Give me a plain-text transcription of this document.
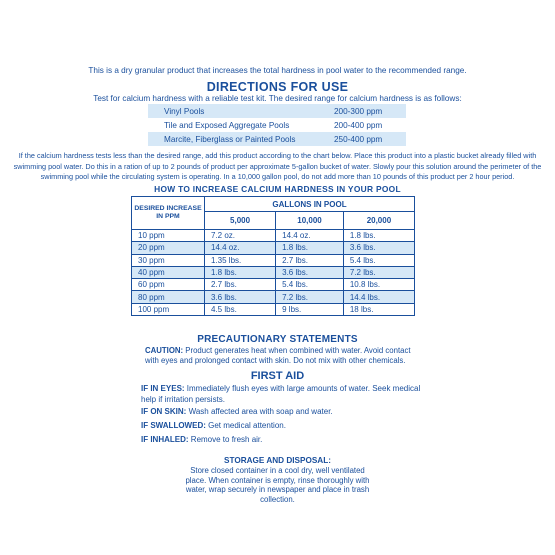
This is a dry granular product that increases the total hardness in pool water to the recommended range.
DIRECTIONS FOR USE
Test for calcium hardness with a reliable test kit. The desired range for calcium hardness is as follows:
Vinyl Pools	200-300 ppm
Tile and Exposed Aggregate Pools	200-400 ppm
Marcite, Fiberglass or Painted Pools	250-400 ppm
If the calcium hardness tests less than the desired range, add this product according to the chart below. Place this product into a plastic bucket already filled with swimming pool water. Do this in a ration of up to 2 pounds of product per approximate 5-gallon bucket of water. Slowly pour this solution around the perimeter of the swimming pool while the circulating system is operating. In a 10,000 gallon pool, do not add more than 10 pounds of this product per 2 hour period.
HOW TO INCREASE CALCIUM HARDNESS IN YOUR POOL
DESIRED INCREASE IN PPM	GALLONS IN POOL		
	5,000	10,000	20,000
10 ppm	7.2 oz.	14.4 oz.	1.8 lbs.
20 ppm	14.4 oz.	1.8 lbs.	3.6 lbs.
30 ppm	1.35 lbs.	2.7 lbs.	5.4 lbs.
40 ppm	1.8 lbs.	3.6 lbs.	7.2 lbs.
60 ppm	2.7 lbs.	5.4 lbs.	10.8 lbs.
80 ppm	3.6 lbs.	7.2 lbs.	14.4 lbs.
100 ppm	4.5 lbs.	9 lbs.	18 lbs.
PRECAUTIONARY STATEMENTS
CAUTION: Product generates heat when combined with water. Avoid contact with eyes and prolonged contact with skin. Do not mix with other chemicals.
FIRST AID
IF IN EYES: Immediately flush eyes with large amounts of water. Seek medical help if irritation persists.
IF ON SKIN: Wash affected area with soap and water.
IF SWALLOWED: Get medical attention.
IF INHALED: Remove to fresh air.
STORAGE AND DISPOSAL:
Store closed container in a cool dry, well ventilated place. When container is empty, rinse thoroughly with water, wrap securely in newspaper and place in trash collection.
